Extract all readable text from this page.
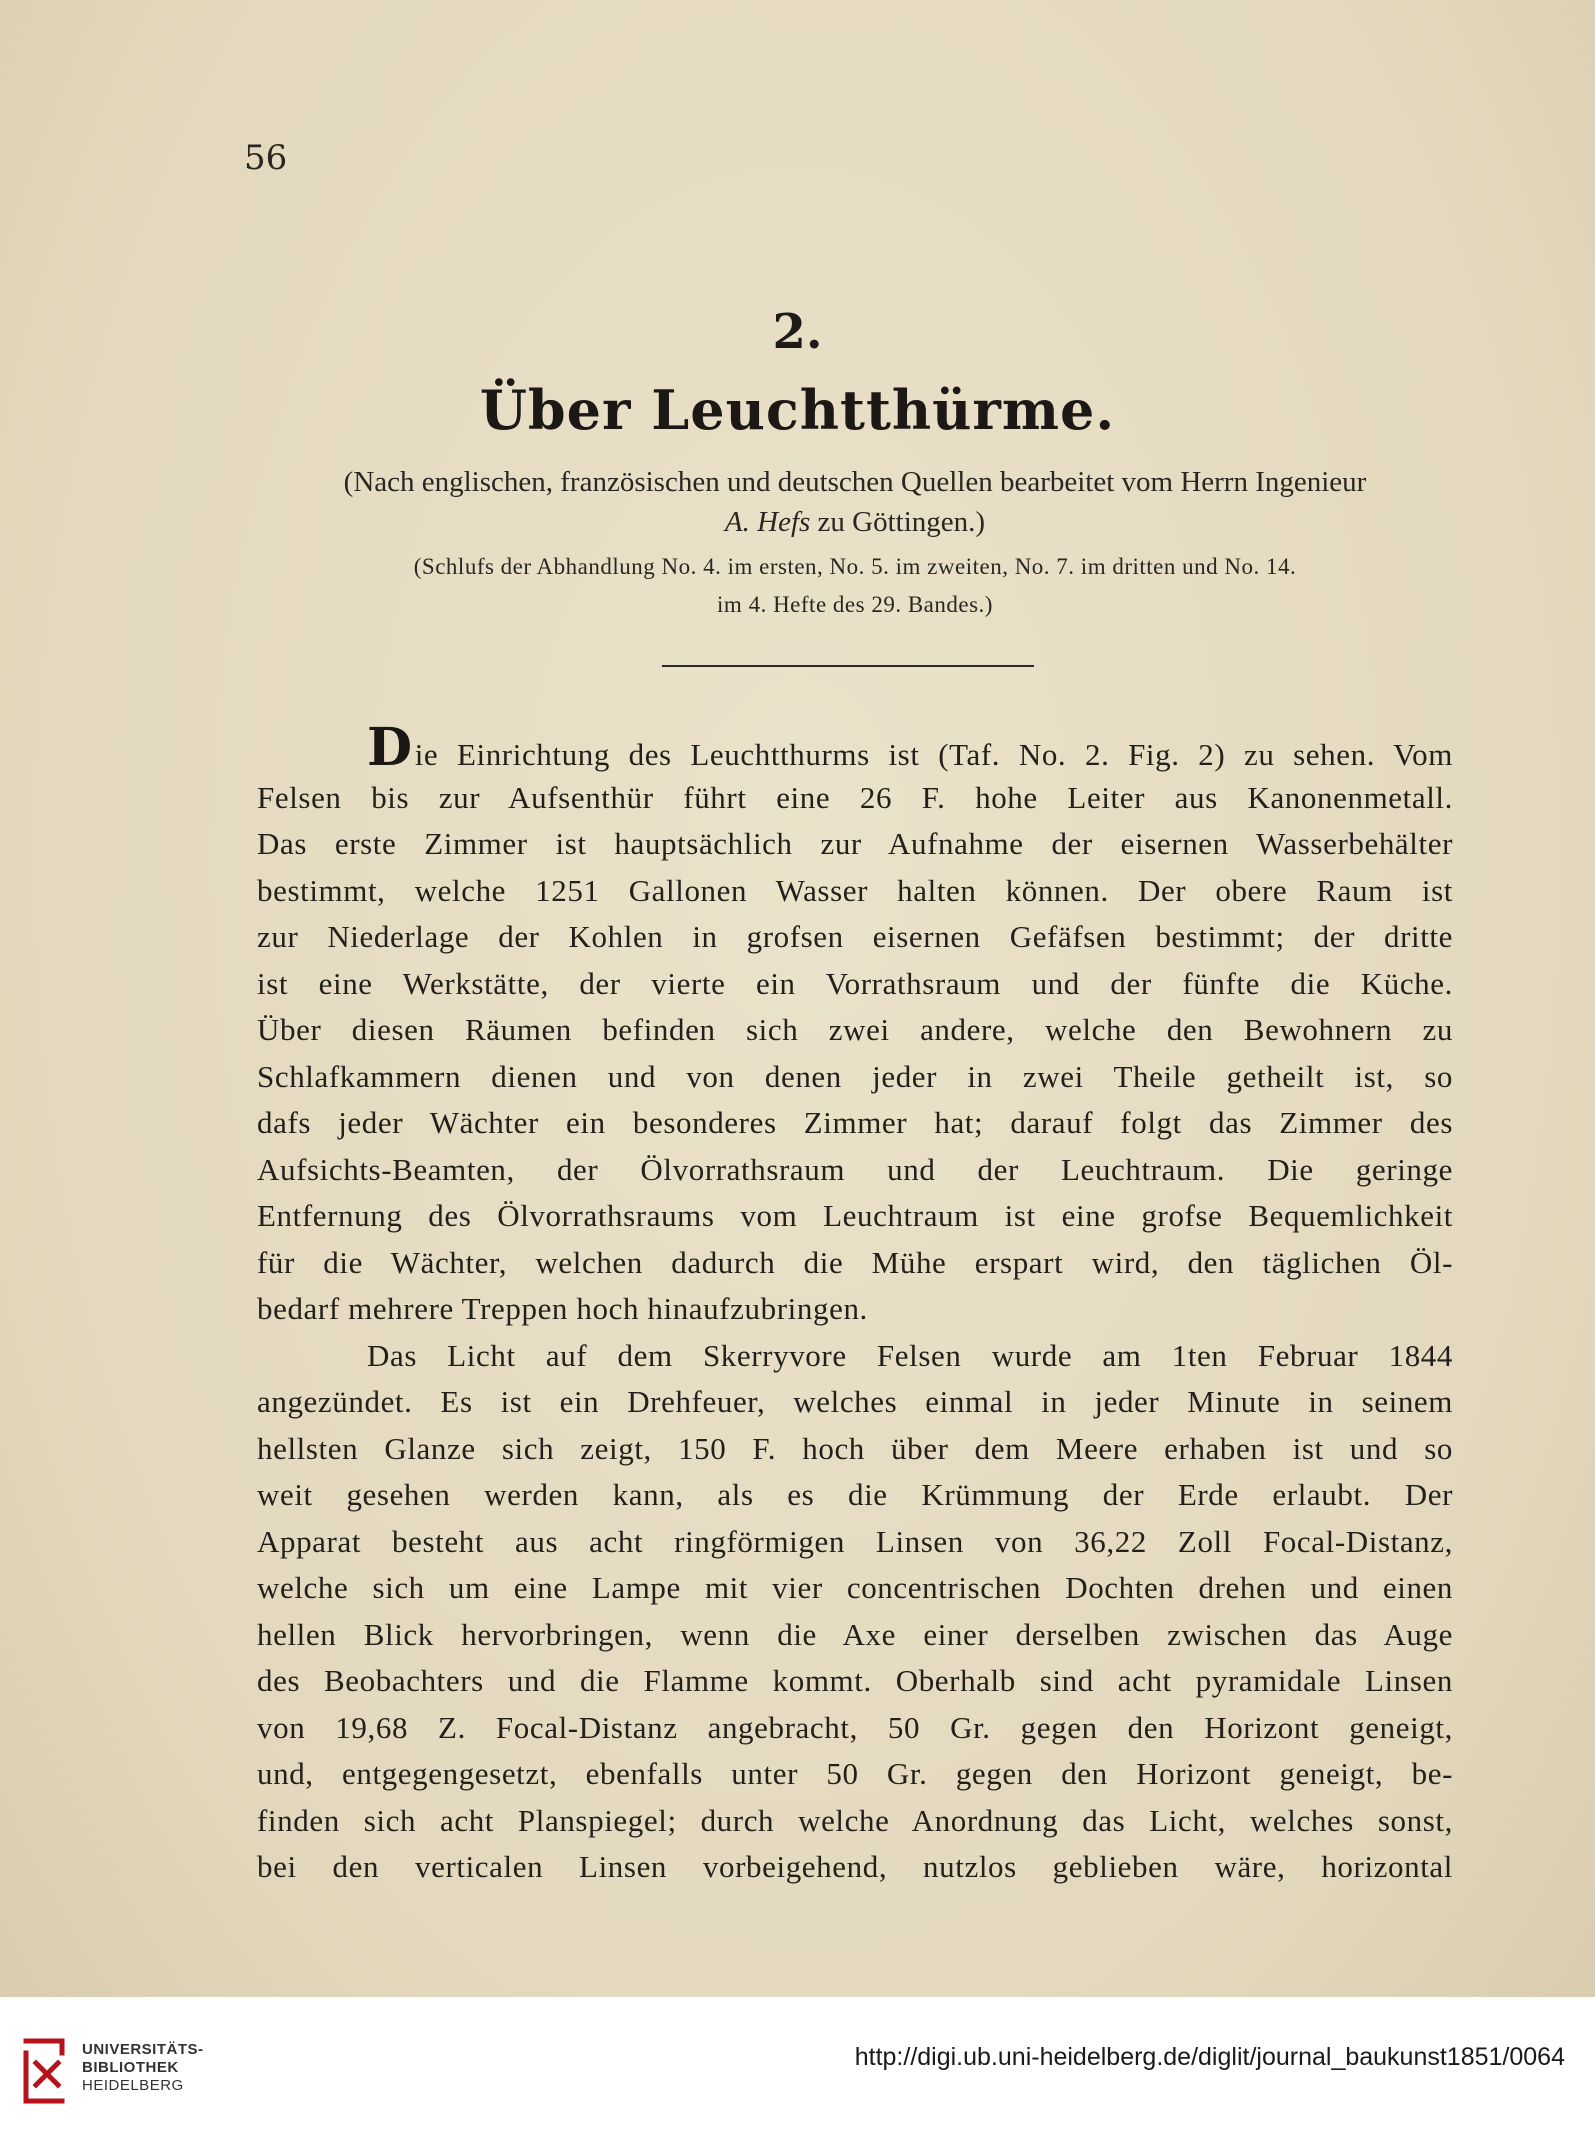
56
2.
Über Leuchtthürme.
(Nach englischen, französischen und deutschen Quellen bearbeitet vom Herrn Ingenieur
A. Hefs zu Göttingen.)
(Schlufs der Abhandlung No. 4. im ersten, No. 5. im zweiten, No. 7. im dritten und No. 14.
im 4. Hefte des 29. Bandes.)
Die Einrichtung des Leuchtthurms ist (Taf. No. 2. Fig. 2) zu sehen. Vom
Felsen bis zur Aufsenthür führt eine 26 F. hohe Leiter aus Kanonenmetall.
Das erste Zimmer ist hauptsächlich zur Aufnahme der eisernen Wasserbehälter
bestimmt, welche 1251 Gallonen Wasser halten können. Der obere Raum ist
zur Niederlage der Kohlen in grofsen eisernen Gefäfsen bestimmt; der dritte
ist eine Werkstätte, der vierte ein Vorrathsraum und der fünfte die Küche.
Über diesen Räumen befinden sich zwei andere, welche den Bewohnern zu
Schlafkammern dienen und von denen jeder in zwei Theile getheilt ist, so
dafs jeder Wächter ein besonderes Zimmer hat; darauf folgt das Zimmer des
Aufsichts-Beamten, der Ölvorrathsraum und der Leuchtraum. Die geringe
Entfernung des Ölvorrathsraums vom Leuchtraum ist eine grofse Bequemlichkeit
für die Wächter, welchen dadurch die Mühe erspart wird, den täglichen Öl-
bedarf mehrere Treppen hoch hinaufzubringen.
Das Licht auf dem Skerryvore Felsen wurde am 1ten Februar 1844
angezündet. Es ist ein Drehfeuer, welches einmal in jeder Minute in seinem
hellsten Glanze sich zeigt, 150 F. hoch über dem Meere erhaben ist und so
weit gesehen werden kann, als es die Krümmung der Erde erlaubt. Der
Apparat besteht aus acht ringförmigen Linsen von 36,22 Zoll Focal-Distanz,
welche sich um eine Lampe mit vier concentrischen Dochten drehen und einen
hellen Blick hervorbringen, wenn die Axe einer derselben zwischen das Auge
des Beobachters und die Flamme kommt. Oberhalb sind acht pyramidale Linsen
von 19,68 Z. Focal-Distanz angebracht, 50 Gr. gegen den Horizont geneigt,
und, entgegengesetzt, ebenfalls unter 50 Gr. gegen den Horizont geneigt, be-
finden sich acht Planspiegel; durch welche Anordnung das Licht, welches sonst,
bei den verticalen Linsen vorbeigehend, nutzlos geblieben wäre, horizontal
UNIVERSITÄTS-
BIBLIOTHEK
HEIDELBERG
http://digi.ub.uni-heidelberg.de/diglit/journal_baukunst1851/0064
